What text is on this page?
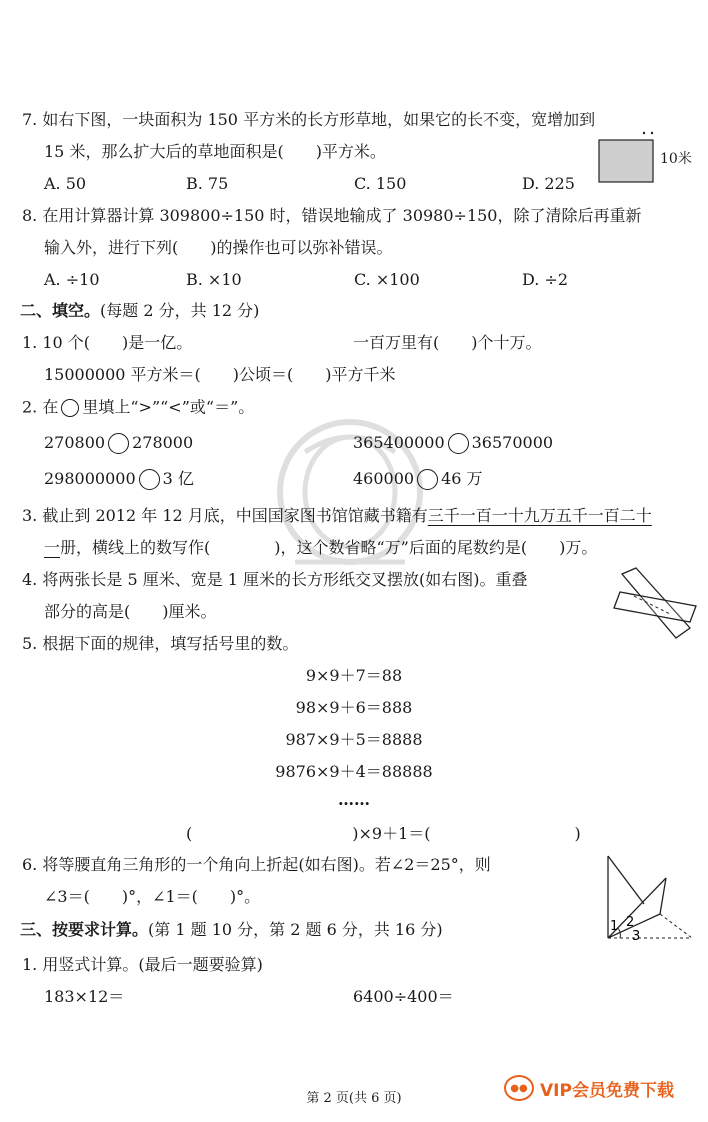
7. 如右下图，一块面积为 150 平方米的长方形草地，如果它的长不变，宽增加到
15 米，那么扩大后的草地面积是(　　)平方米。
A. 50	B. 75	C. 150	D. 225
10米
8. 在用计算器计算 309800÷150 时，错误地输成了 30980÷150，除了清除后再重新
输入外，进行下列(　　)的操作也可以弥补错误。
A. ÷10	B. ×10	C. ×100	D. ÷2
二、填空。(每题 2 分，共 12 分)
1. 10 个(　　)是一亿。	一百万里有(　　)个十万。
15000000 平方米＝(　　)公顷＝(　　)平方千米
2. 在 里填上“>”“<”或“＝”。
270800 278000	365400000 36570000
298000000 3 亿	460000 46 万
3. 截止到 2012 年 12 月底，中国国家图书馆馆藏书籍有三千一百一十九万五千一百二十
一册，横线上的数写作(　　　　)，这个数省略“万”后面的尾数约是(　　)万。
4. 将两张长是 5 厘米、宽是 1 厘米的长方形纸交叉摆放(如右图)。重叠
部分的高是(　　)厘米。
5. 根据下面的规律，填写括号里的数。
9×9＋7＝88
98×9＋6＝888
987×9＋5＝8888
9876×9＋4＝88888
……
(　　　　　　　　　　)×9＋1＝(　　　　　　　　　)
6. 将等腰直角三角形的一个角向上折起(如右图)。若∠2＝25°，则
∠3＝(　　)°，∠1＝(　　)°。
1 2
3
三、按要求计算。(第 1 题 10 分，第 2 题 6 分，共 16 分)
1. 用竖式计算。(最后一题要验算)
183×12＝	6400÷400＝
第 2 页(共 6 页)
●● VIP会员免费下载
